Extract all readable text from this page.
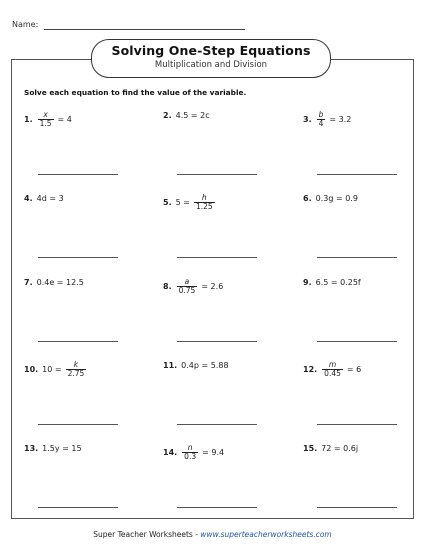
Name:
Solving One-Step Equations
Multiplication and Division
Solve each equation to find the value of the variable.
1. $\frac{x}{1.5} = 4$	2. 4.5 = 2c	3. $\frac{b}{4} = 3.2$
4. 4d = 3	5. $5 = \frac{h}{1.25}$	6. 0.3g = 0.9
7. 0.4e = 12.5	8. $\frac{a}{0.75} = 2.6$	9. 6.5 = 0.25f
10. $10 = \frac{k}{2.75}$	11. 0.4p = 5.88	12. $\frac{m}{0.45} = 6$
13. 1.5y = 15	14. $\frac{n}{0.3} = 9.4$	15. 72 = 0.6j
Super Teacher Worksheets - www.superteacherworksheets.com
